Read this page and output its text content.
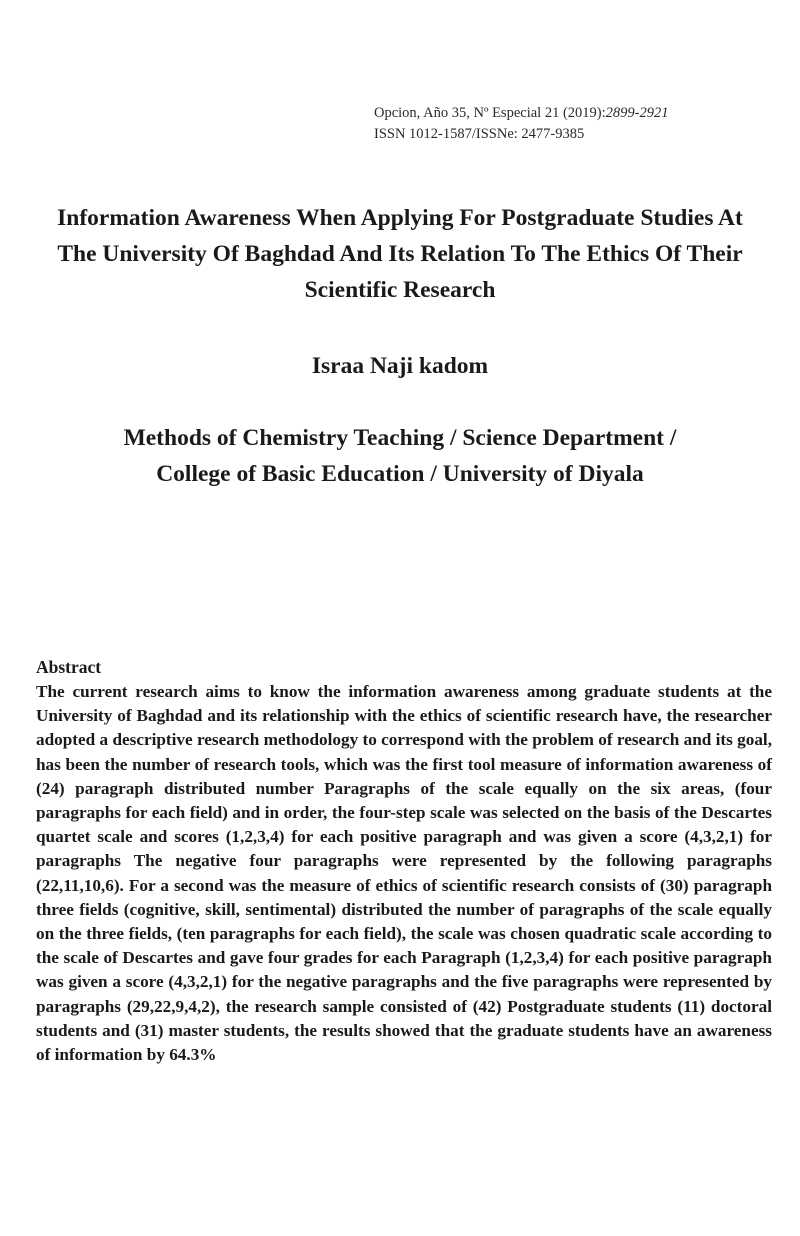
Opcion, Año 35, Nº Especial 21 (2019):2899-2921
ISSN 1012-1587/ISSNe: 2477-9385
Information Awareness When Applying For Postgraduate Studies At The University Of Baghdad And Its Relation To The Ethics Of Their Scientific Research
Israa Naji kadom
Methods of Chemistry Teaching / Science Department /
College of Basic Education / University of Diyala
Abstract
The current research aims to know the information awareness among graduate students at the University of Baghdad and its relationship with the ethics of scientific research have, the researcher adopted a descriptive research methodology to correspond with the problem of research and its goal, has been the number of research tools, which was the first tool measure of information awareness of (24) paragraph distributed number Paragraphs of the scale equally on the six areas, (four paragraphs for each field) and in order, the four-step scale was selected on the basis of the Descartes quartet scale and scores (1,2,3,4) for each positive paragraph and was given a score (4,3,2,1) for paragraphs The negative four paragraphs were represented by the following paragraphs (22,11,10,6). For a second was the measure of ethics of scientific research consists of (30) paragraph three fields (cognitive, skill, sentimental) distributed the number of paragraphs of the scale equally on the three fields, (ten paragraphs for each field), the scale was chosen quadratic scale according to the scale of Descartes and gave four grades for each Paragraph (1,2,3,4) for each positive paragraph was given a score (4,3,2,1) for the negative paragraphs and the five paragraphs were represented by paragraphs (29,22,9,4,2), the research sample consisted of (42) Postgraduate students (11) doctoral students and (31) master students, the results showed that the graduate students have an awareness of information by 64.3%
